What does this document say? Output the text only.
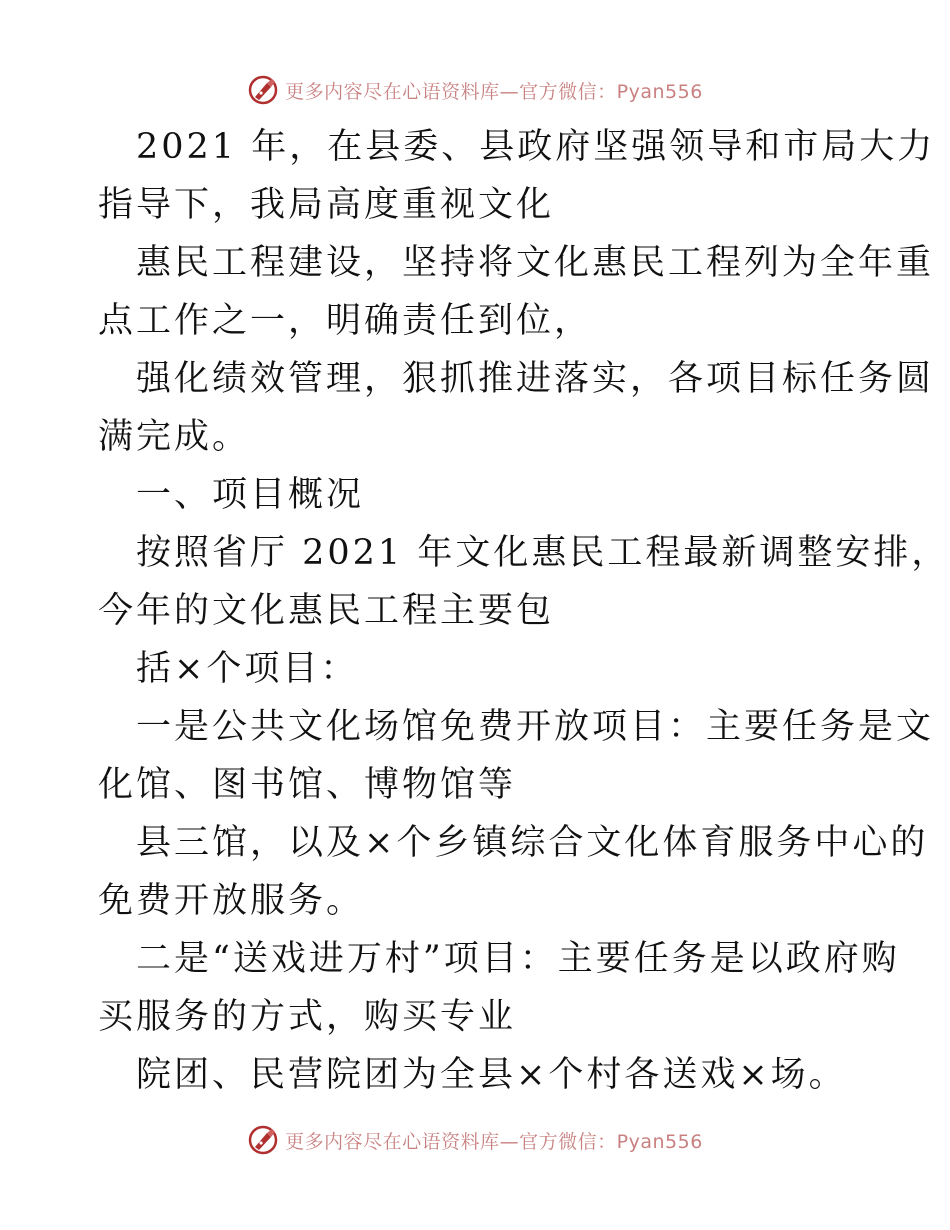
更多内容尽在心语资料库—官方微信：Pyan556

2021 年，在县委、县政府坚强领导和市局大力

指导下，我局高度重视文化

惠民工程建设，坚持将文化惠民工程列为全年重

点工作之一，明确责任到位，

强化绩效管理，狠抓推进落实，各项目标任务圆

满完成。

一、项目概况

按照省厅 2021 年文化惠民工程最新调整安排，

今年的文化惠民工程主要包

括×个项目：

一是公共文化场馆免费开放项目：主要任务是文

化馆、图书馆、博物馆等

县三馆，以及×个乡镇综合文化体育服务中心的

免费开放服务。

二是“送戏进万村”项目：主要任务是以政府购

买服务的方式，购买专业

院团、民营院团为全县×个村各送戏×场。

更多内容尽在心语资料库—官方微信：Pyan556
